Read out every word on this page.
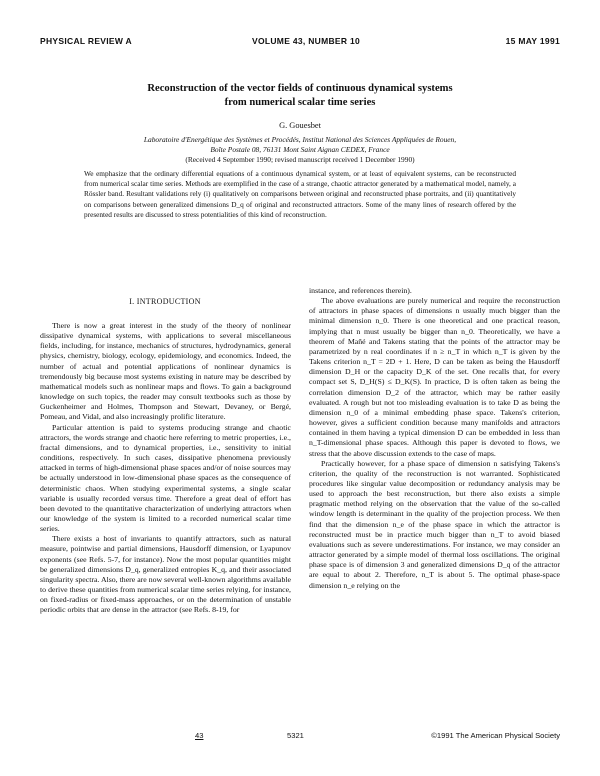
PHYSICAL REVIEW A	VOLUME 43, NUMBER 10	15 MAY 1991
Reconstruction of the vector fields of continuous dynamical systems
from numerical scalar time series
G. Gouesbet
Laboratoire d'Energétique des Systèmes et Procédés, Institut National des Sciences Appliquées de Rouen,
Boîte Postale 08, 76131 Mont Saint Aignan CEDEX, France
(Received 4 September 1990; revised manuscript received 1 December 1990)
We emphasize that the ordinary differential equations of a continuous dynamical system, or at least of equivalent systems, can be reconstructed from numerical scalar time series. Methods are exemplified in the case of a strange, chaotic attractor generated by a mathematical model, namely, a Rössler band. Resultant validations rely (i) qualitatively on comparisons between original and reconstructed phase portraits, and (ii) quantitatively on comparisons between generalized dimensions D_q of original and reconstructed attractors. Some of the many lines of research offered by the presented results are discussed to stress potentialities of this kind of reconstruction.
I. INTRODUCTION

There is now a great interest in the study of the theory of nonlinear dissipative dynamical systems, with applications to several miscellaneous fields, including, for instance, mechanics of structures, hydrodynamics, general physics, chemistry, biology, ecology, epidemiology, and economics. Indeed, the number of actual and potential applications of nonlinear dynamics is tremendously big because most systems existing in nature may be described by mathematical models such as nonlinear maps and flows. To gain a background knowledge on such topics, the reader may consult textbooks such as those by Guckenheimer and Holmes, Thompson and Stewart, Devaney, or Bergé, Pomeau, and Vidal, and also increasingly prolific literature.

Particular attention is paid to systems producing strange and chaotic attractors, the words strange and chaotic here referring to metric properties, i.e., fractal dimensions, and to dynamical properties, i.e., sensitivity to initial conditions, respectively. In such cases, dissipative phenomena previously attacked in terms of high-dimensional phase spaces and/or of noise sources may be actually understood in low-dimensional phase spaces as the consequence of deterministic chaos. When studying experimental systems, a single scalar variable is usually recorded versus time. Therefore a great deal of effort has been devoted to the quantitative characterization of underlying attractors when our knowledge of the system is limited to a recorded numerical scalar time series.

There exists a host of invariants to quantify attractors, such as natural measure, pointwise and partial dimensions, Hausdorff dimension, or Lyapunov exponents (see Refs. 5-7, for instance). Now the most popular quantities might be generalized dimensions D_q, generalized entropies K_q, and their associated singularity spectra. Also, there are now several well-known algorithms available to derive these quantities from numerical scalar time series relying, for instance, on fixed-radius or fixed-mass approaches, or on the determination of unstable periodic orbits that are dense in the attractor (see Refs. 8-19, for

instance, and references therein).

The above evaluations are purely numerical and require the reconstruction of attractors in phase spaces of dimensions n usually much bigger than the minimal dimension n_0. There is one theoretical and one practical reason, implying that n must usually be bigger than n_0. Theoretically, we have a theorem of Mañé and Takens stating that the points of the attractor may be parametrized by n real coordinates if n ≥ n_T in which n_T is given by the Takens criterion n_T = 2D + 1. Here, D can be taken as being the Hausdorff dimension D_H or the capacity D_K of the set. One recalls that, for every compact set S, D_H(S) ≤ D_K(S). In practice, D is often taken as being the correlation dimension D_2 of the attractor, which may be rather easily evaluated. A rough but not too misleading evaluation is to take D as being the dimension n_0 of a minimal embedding phase space. Takens's criterion, however, gives a sufficient condition because many manifolds and attractors contained in them having a typical dimension D can be embedded in less than n_T-dimensional phase spaces. Although this paper is devoted to flows, we stress that the above discussion extends to the case of maps.

Practically however, for a phase space of dimension n satisfying Takens's criterion, the quality of the reconstruction is not warranted. Sophisticated procedures like singular value decomposition or redundancy analysis may be used to approach the best reconstruction, but there also exists a simple pragmatic method relying on the observation that the value of the so-called window length is determinant in the quality of the projection process. We then find that the dimension n_e of the phase space in which the attractor is reconstructed must be in practice much bigger than n_T to avoid biased evaluations such as severe underestimations. For instance, we may consider an attractor generated by a simple model of thermal loss oscillations. The original phase space is of dimension 3 and generalized dimensions D_q of the attractor are equal to about 2. Therefore, n_T is about 5. The optimal phase-space dimension n_e relying on the

43	5321	©1991 The American Physical Society
